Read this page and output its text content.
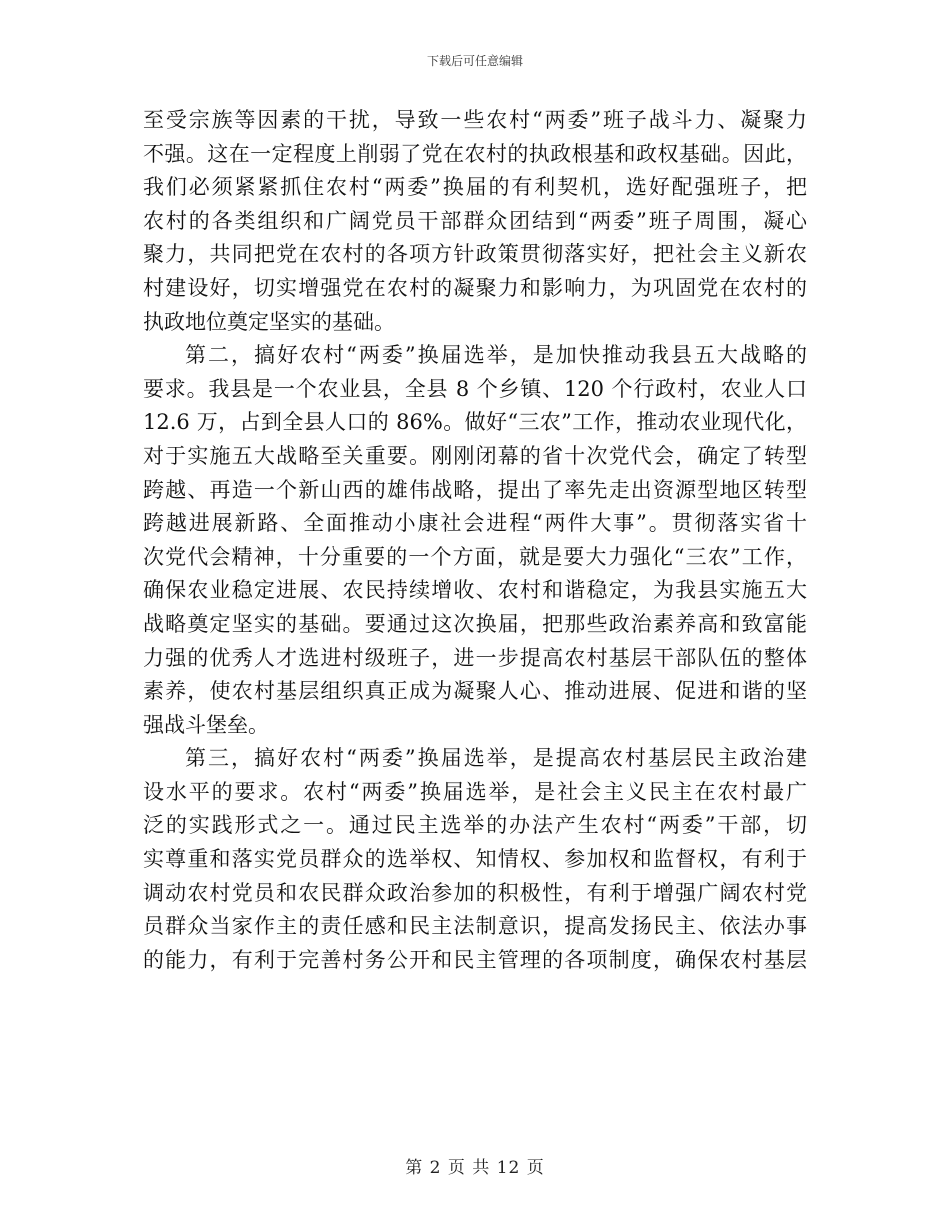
下载后可任意编辑
至受宗族等因素的干扰，导致一些农村“两委”班子战斗力、凝聚力
不强。这在一定程度上削弱了党在农村的执政根基和政权基础。因此，
我们必须紧紧抓住农村“两委”换届的有利契机，选好配强班子，把
农村的各类组织和广阔党员干部群众团结到“两委”班子周围，凝心
聚力，共同把党在农村的各项方针政策贯彻落实好，把社会主义新农
村建设好，切实增强党在农村的凝聚力和影响力，为巩固党在农村的
执政地位奠定坚实的基础。
第二，搞好农村“两委”换届选举，是加快推动我县五大战略的
要求。我县是一个农业县，全县 8 个乡镇、120 个行政村，农业人口
12.6 万，占到全县人口的 86%。做好“三农”工作，推动农业现代化，
对于实施五大战略至关重要。刚刚闭幕的省十次党代会，确定了转型
跨越、再造一个新山西的雄伟战略，提出了率先走出资源型地区转型
跨越进展新路、全面推动小康社会进程“两件大事”。贯彻落实省十
次党代会精神，十分重要的一个方面，就是要大力强化“三农”工作，
确保农业稳定进展、农民持续增收、农村和谐稳定，为我县实施五大
战略奠定坚实的基础。要通过这次换届，把那些政治素养高和致富能
力强的优秀人才选进村级班子，进一步提高农村基层干部队伍的整体
素养，使农村基层组织真正成为凝聚人心、推动进展、促进和谐的坚
强战斗堡垒。
第三，搞好农村“两委”换届选举，是提高农村基层民主政治建
设水平的要求。农村“两委”换届选举，是社会主义民主在农村最广
泛的实践形式之一。通过民主选举的办法产生农村“两委”干部，切
实尊重和落实党员群众的选举权、知情权、参加权和监督权，有利于
调动农村党员和农民群众政治参加的积极性，有利于增强广阔农村党
员群众当家作主的责任感和民主法制意识，提高发扬民主、依法办事
的能力，有利于完善村务公开和民主管理的各项制度，确保农村基层
第 2 页 共 12 页
